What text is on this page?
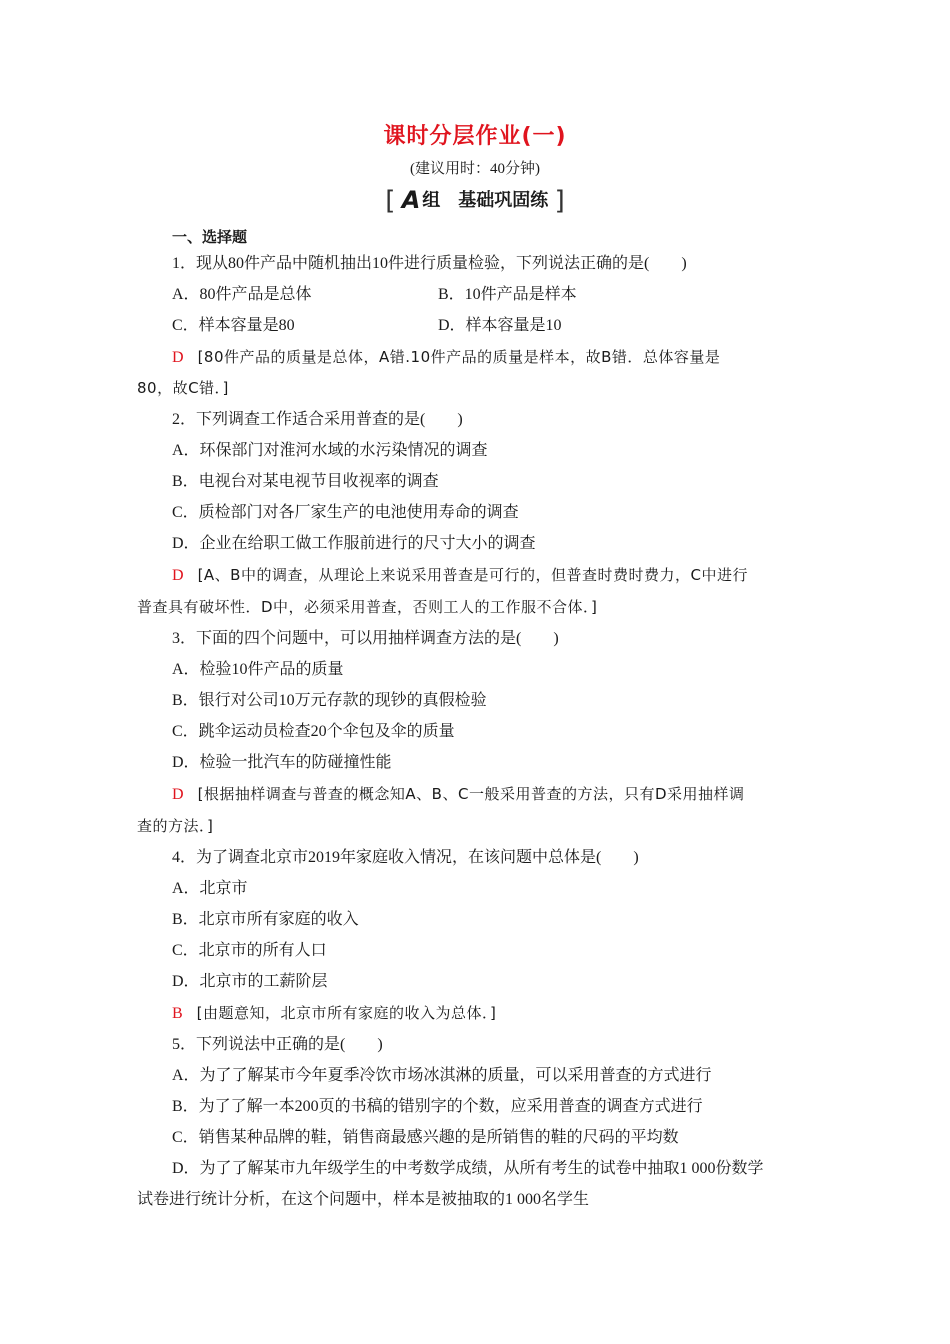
课时分层作业(一)
(建议用时：40分钟)
[ A 组　基础巩固练 ]
一、选择题
1．现从80件产品中随机抽出10件进行质量检验，下列说法正确的是(　　)
A．80件产品是总体	B．10件产品是样本
C．样本容量是80	D．样本容量是10
D [80件产品的质量是总体，A错.10件产品的质量是样本，故B错．总体容量是
80，故C错．]
2．下列调查工作适合采用普查的是(　　)
A．环保部门对淮河水域的水污染情况的调查
B．电视台对某电视节目收视率的调查
C．质检部门对各厂家生产的电池使用寿命的调查
D．企业在给职工做工作服前进行的尺寸大小的调查
D [A、B中的调查，从理论上来说采用普查是可行的，但普查时费时费力，C中进行
普查具有破坏性．D中，必须采用普查，否则工人的工作服不合体．]
3．下面的四个问题中，可以用抽样调查方法的是(　　)
A．检验10件产品的质量
B．银行对公司10万元存款的现钞的真假检验
C．跳伞运动员检查20个伞包及伞的质量
D．检验一批汽车的防碰撞性能
D [根据抽样调查与普查的概念知A、B、C一般采用普查的方法，只有D采用抽样调
查的方法．]
4．为了调查北京市2019年家庭收入情况，在该问题中总体是(　　)
A．北京市
B．北京市所有家庭的收入
C．北京市的所有人口
D．北京市的工薪阶层
B [由题意知，北京市所有家庭的收入为总体．]
5．下列说法中正确的是(　　)
A．为了了解某市今年夏季冷饮市场冰淇淋的质量，可以采用普查的方式进行
B．为了了解一本200页的书稿的错别字的个数，应采用普查的调查方式进行
C．销售某种品牌的鞋，销售商最感兴趣的是所销售的鞋的尺码的平均数
D．为了了解某市九年级学生的中考数学成绩，从所有考生的试卷中抽取1 000份数学
试卷进行统计分析，在这个问题中，样本是被抽取的1 000名学生
